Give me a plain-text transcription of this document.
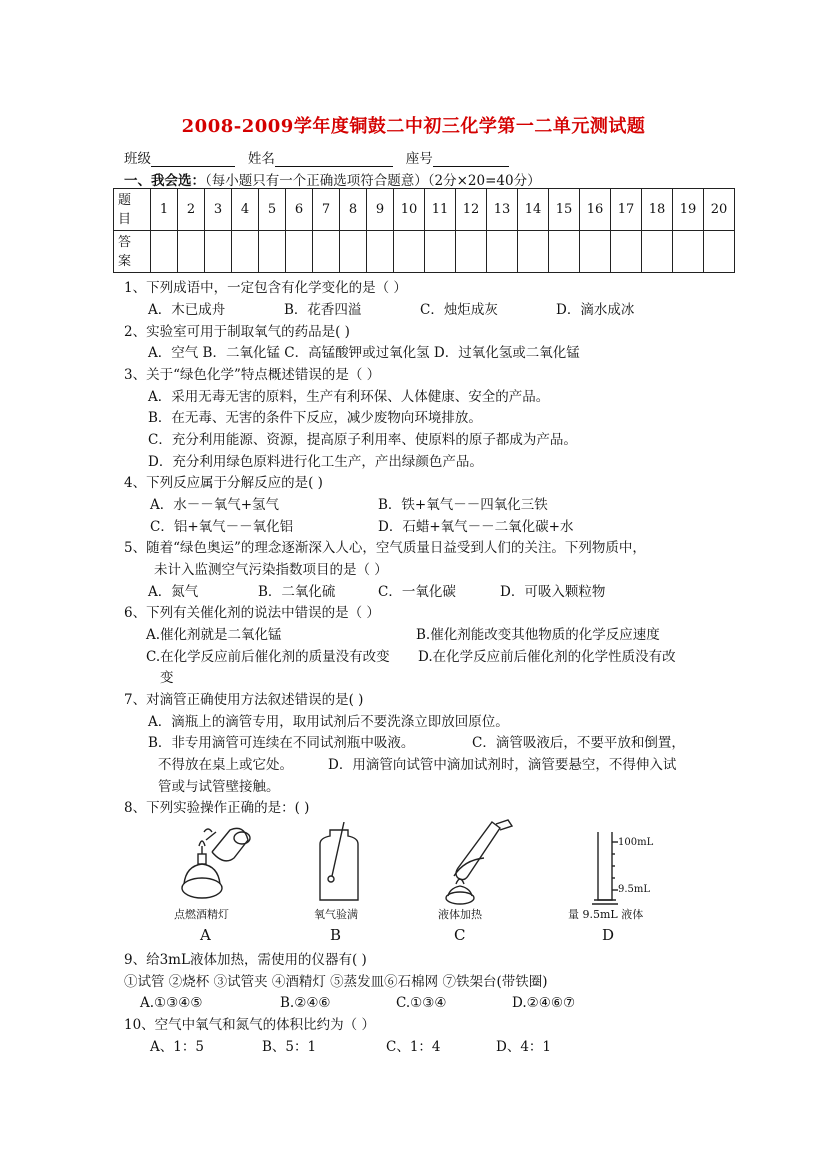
2008-2009学年度铜鼓二中初三化学第一二单元测试题
班级	姓名	座号
一、我会选：（每小题只有一个正确选项符合题意）（2分×20=40分）
题目	1	2	3	4	5	6	7	8	9	10	11	12	13	14	15	16	17	18	19	20
答案																				
1、下列成语中，一定包含有化学变化的是（ ）
A．木已成舟	B．花香四溢	C．烛炬成灰	D．滴水成冰
2、实验室可用于制取氧气的药品是( )
A．空气 B．二氧化锰 C．高锰酸钾或过氧化氢 D．过氧化氢或二氧化锰
3、关于“绿色化学”特点概述错误的是（ ）
A．采用无毒无害的原料，生产有利环保、人体健康、安全的产品。
B．在无毒、无害的条件下反应，减少废物向环境排放。
C．充分利用能源、资源，提高原子利用率、使原料的原子都成为产品。
D．充分利用绿色原料进行化工生产，产出绿颜色产品。
4、下列反应属于分解反应的是( )
A．水－－氧气+氢气	B．铁+氧气－－四氧化三铁
C．铝+氧气－－氧化铝	D．石蜡+氧气－－二氧化碳+水
5、随着“绿色奥运”的理念逐渐深入人心，空气质量日益受到人们的关注。下列物质中，
未计入监测空气污染指数项目的是（ ）
A．氮气	B．二氧化硫	C．一氧化碳	D．可吸入颗粒物
6、下列有关催化剂的说法中错误的是（ ）
A.催化剂就是二氧化锰	B.催化剂能改变其他物质的化学反应速度
C.在化学反应前后催化剂的质量没有改变 D.在化学反应前后催化剂的化学性质没有改
变
7、对滴管正确使用方法叙述错误的是( )
A．滴瓶上的滴管专用，取用试剂后不要洗涤立即放回原位。
B．非专用滴管可连续在不同试剂瓶中吸液。	C．滴管吸液后，不要平放和倒置，
不得放在桌上或它处。	D．用滴管向试管中滴加试剂时，滴管要悬空，不得伸入试
管或与试管壁接触。
8、下列实验操作正确的是：( )
点燃酒精灯
A
氧气验满
B
液体加热
C
100mL
9.5mL
量 9.5mL 液体
D
9、给3mL液体加热，需使用的仪器有( )
①试管 ②烧杯 ③试管夹 ④酒精灯 ⑤蒸发皿⑥石棉网 ⑦铁架台(带铁圈)
A.①③④⑤	B.②④⑥	C.①③④	D.②④⑥⑦
10、空气中氧气和氮气的体积比约为（ ）
A、1：5	B、5：1	C、1：4	D、4：1
